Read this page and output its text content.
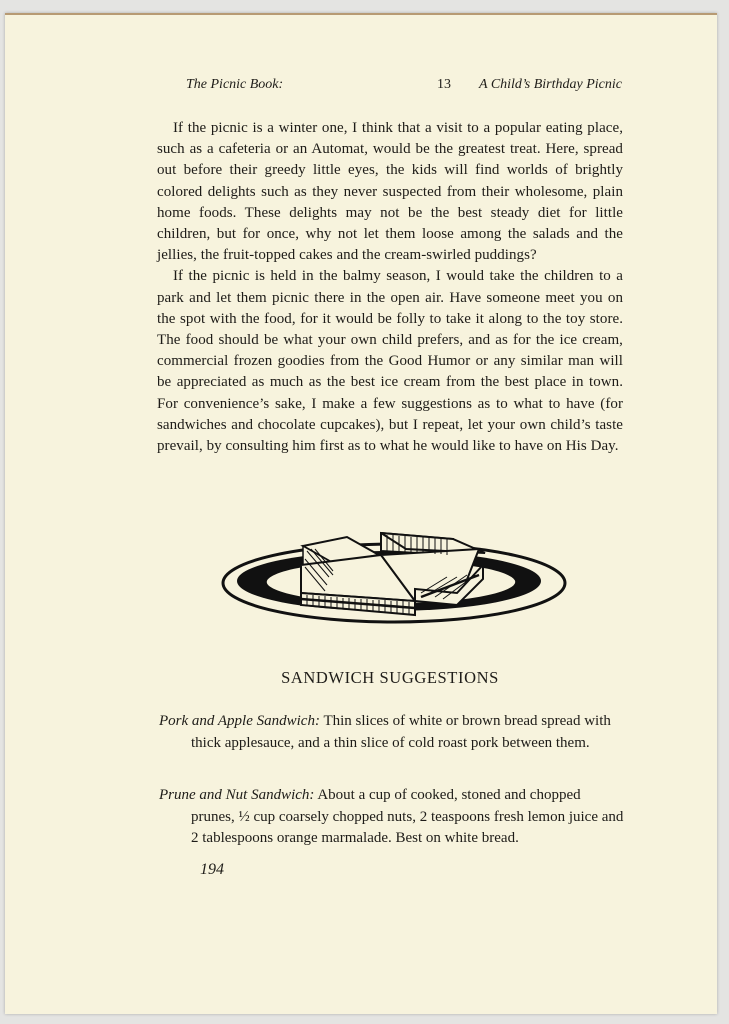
The Picnic Book:	13 A Child’s Birthday Picnic

If the picnic is a winter one, I think that a visit to a popular eating place, such as a cafeteria or an Automat, would be the greatest treat. Here, spread out before their greedy little eyes, the kids will find worlds of brightly colored delights such as they never suspected from their wholesome, plain home foods. These delights may not be the best steady diet for little children, but for once, why not let them loose among the salads and the jellies, the fruit-topped cakes and the cream-swirled puddings?

If the picnic is held in the balmy season, I would take the children to a park and let them picnic there in the open air. Have someone meet you on the spot with the food, for it would be folly to take it along to the toy store. The food should be what your own child prefers, and as for the ice cream, commercial frozen goodies from the Good Humor or any similar man will be appreciated as much as the best ice cream from the best place in town. For convenience’s sake, I make a few suggestions as to what to have (for sandwiches and chocolate cupcakes), but I repeat, let your own child’s taste prevail, by consulting him first as to what he would like to have on His Day.

SANDWICH SUGGESTIONS
Pork and Apple Sandwich: Thin slices of white or brown bread spread with thick applesauce, and a thin slice of cold roast pork between them.
Prune and Nut Sandwich: About a cup of cooked, stoned and chopped prunes, ½ cup coarsely chopped nuts, 2 teaspoons fresh lemon juice and 2 tablespoons orange marmalade. Best on white bread.
194
